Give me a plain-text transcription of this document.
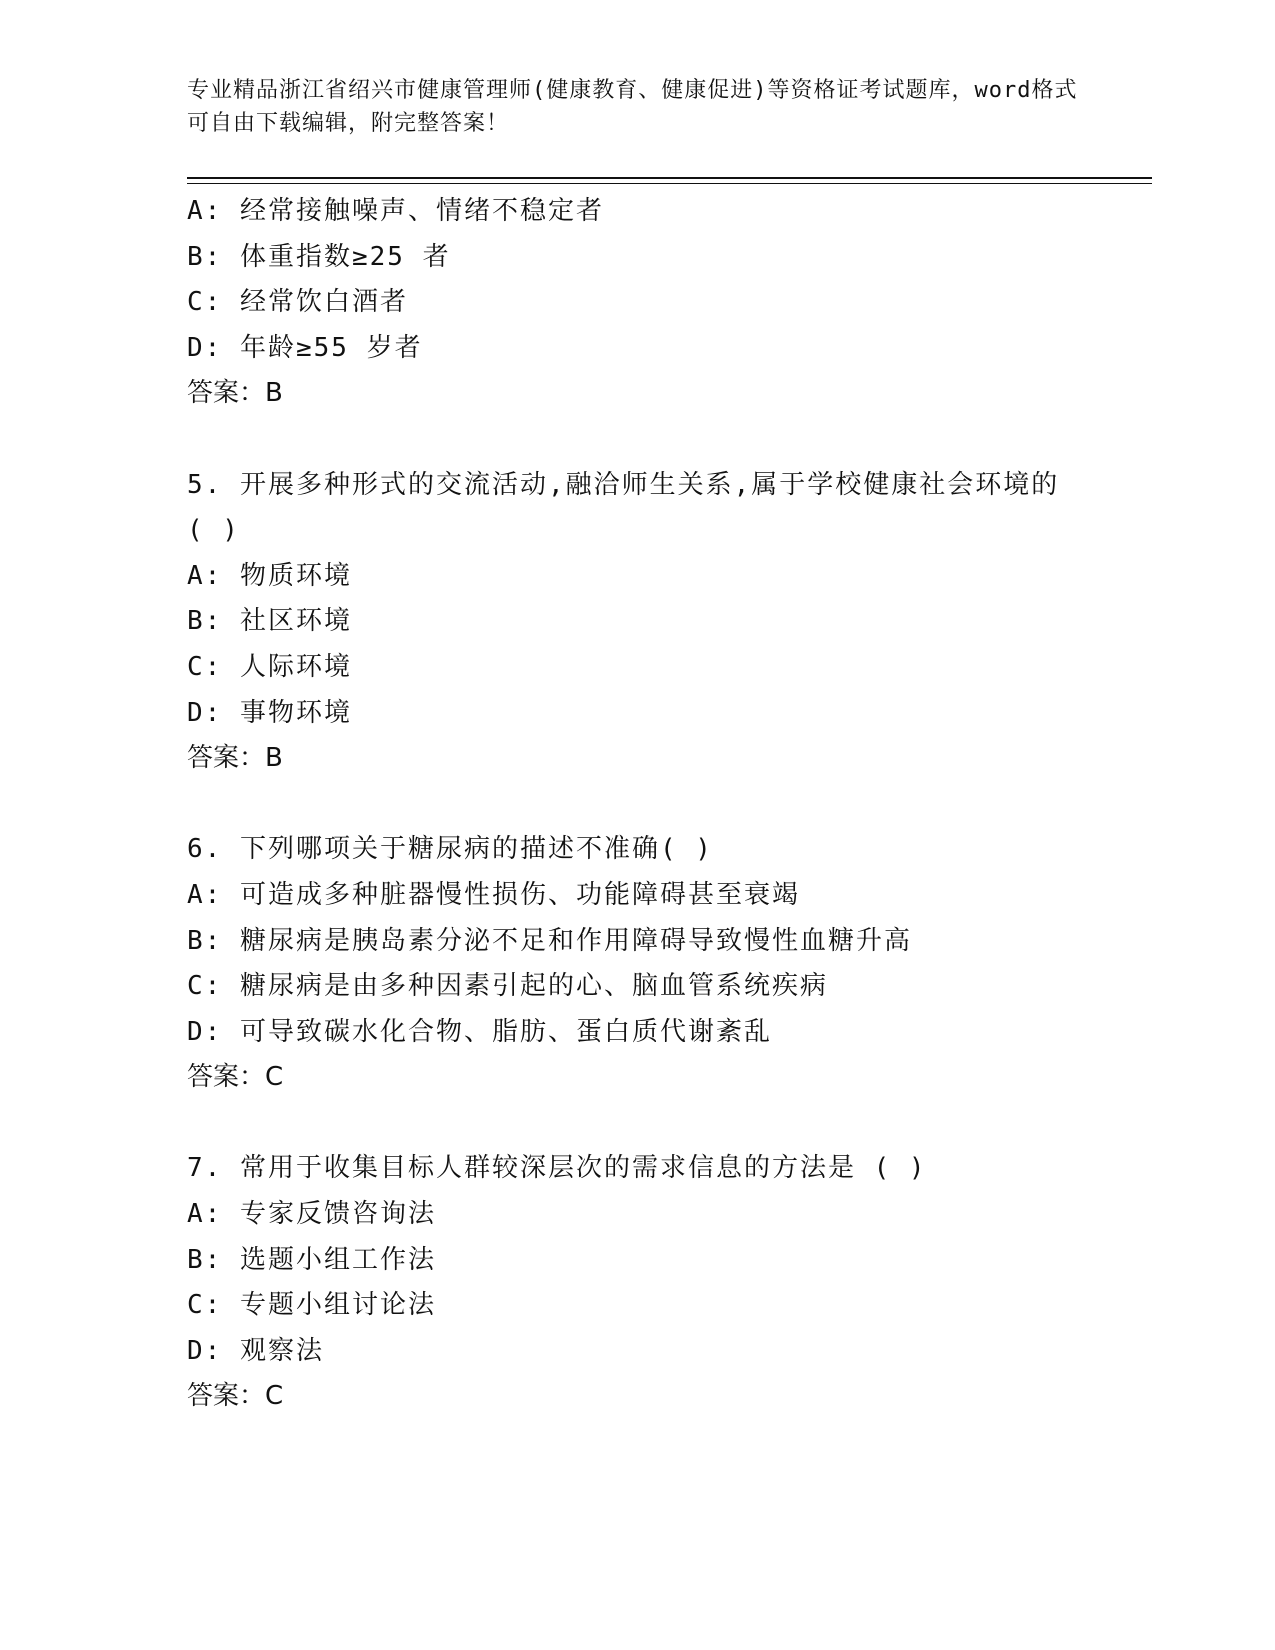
专业精品浙江省绍兴市健康管理师(健康教育、健康促进)等资格证考试题库，word格式可自由下载编辑，附完整答案！
A: 经常接触噪声、情绪不稳定者
B: 体重指数≥25 者
C: 经常饮白酒者
D: 年龄≥55 岁者
答案：B
5. 开展多种形式的交流活动,融洽师生关系,属于学校健康社会环境的
( )
A: 物质环境
B: 社区环境
C: 人际环境
D: 事物环境
答案：B
6. 下列哪项关于糖尿病的描述不准确( )
A: 可造成多种脏器慢性损伤、功能障碍甚至衰竭
B: 糖尿病是胰岛素分泌不足和作用障碍导致慢性血糖升高
C: 糖尿病是由多种因素引起的心、脑血管系统疾病
D: 可导致碳水化合物、脂肪、蛋白质代谢紊乱
答案：C
7. 常用于收集目标人群较深层次的需求信息的方法是 ( )
A: 专家反馈咨询法
B: 选题小组工作法
C: 专题小组讨论法
D: 观察法
答案：C
